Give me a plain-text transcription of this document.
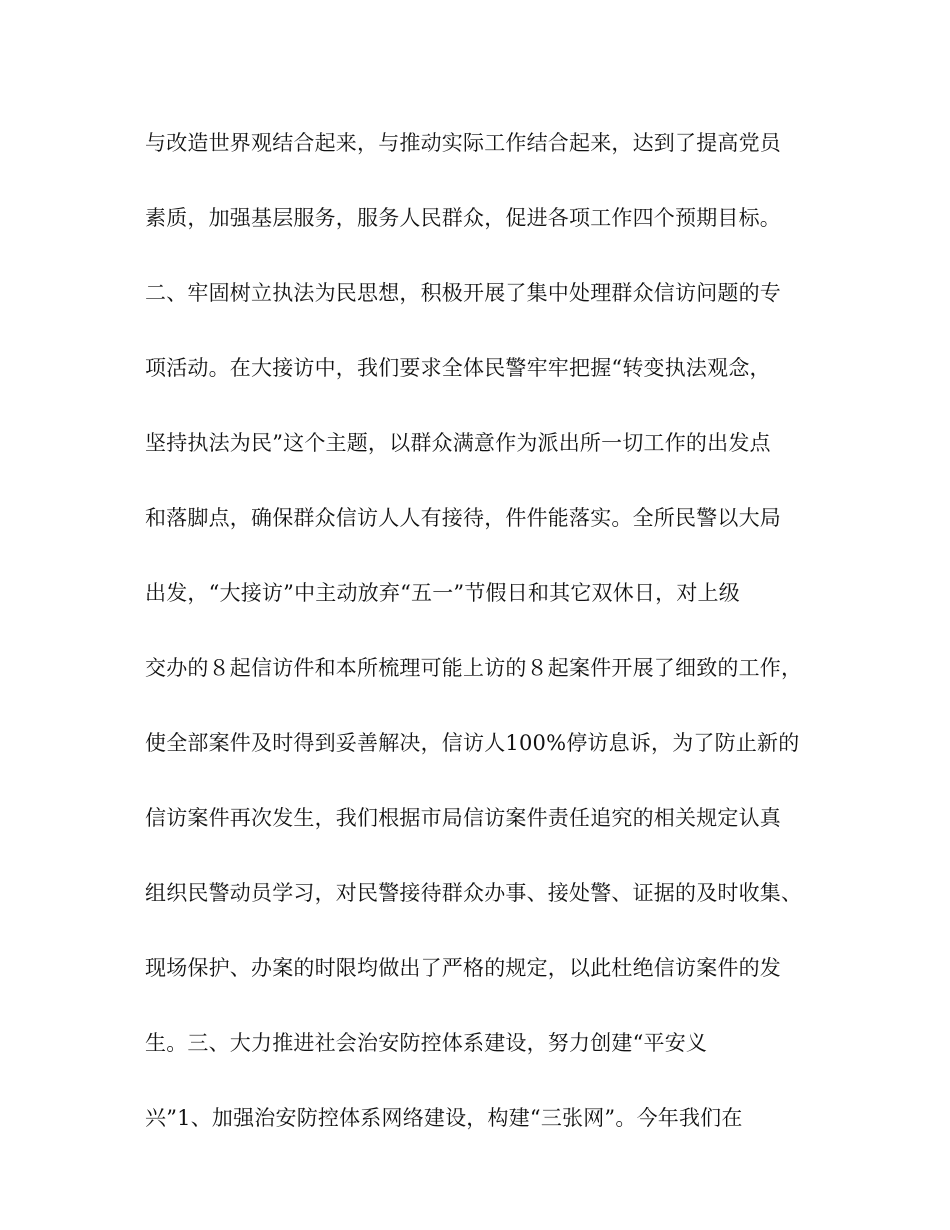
与改造世界观结合起来，与推动实际工作结合起来，达到了提高党员
素质，加强基层服务，服务人民群众，促进各项工作四个预期目标。
二、牢固树立执法为民思想，积极开展了集中处理群众信访问题的专
项活动。在大接访中，我们要求全体民警牢牢把握“转变执法观念，
坚持执法为民”这个主题，以群众满意作为派出所一切工作的出发点
和落脚点，确保群众信访人人有接待，件件能落实。全所民警以大局
出发，“大接访”中主动放弃“五一”节假日和其它双休日，对上级
交办的８起信访件和本所梳理可能上访的８起案件开展了细致的工作，
使全部案件及时得到妥善解决，信访人100%停访息诉，为了防止新的
信访案件再次发生，我们根据市局信访案件责任追究的相关规定认真
组织民警动员学习，对民警接待群众办事、接处警、证据的及时收集、
现场保护、办案的时限均做出了严格的规定，以此杜绝信访案件的发
生。三、大力推进社会治安防控体系建设，努力创建“平安义
兴”1、加强治安防控体系网络建设，构建“三张网”。今年我们在
